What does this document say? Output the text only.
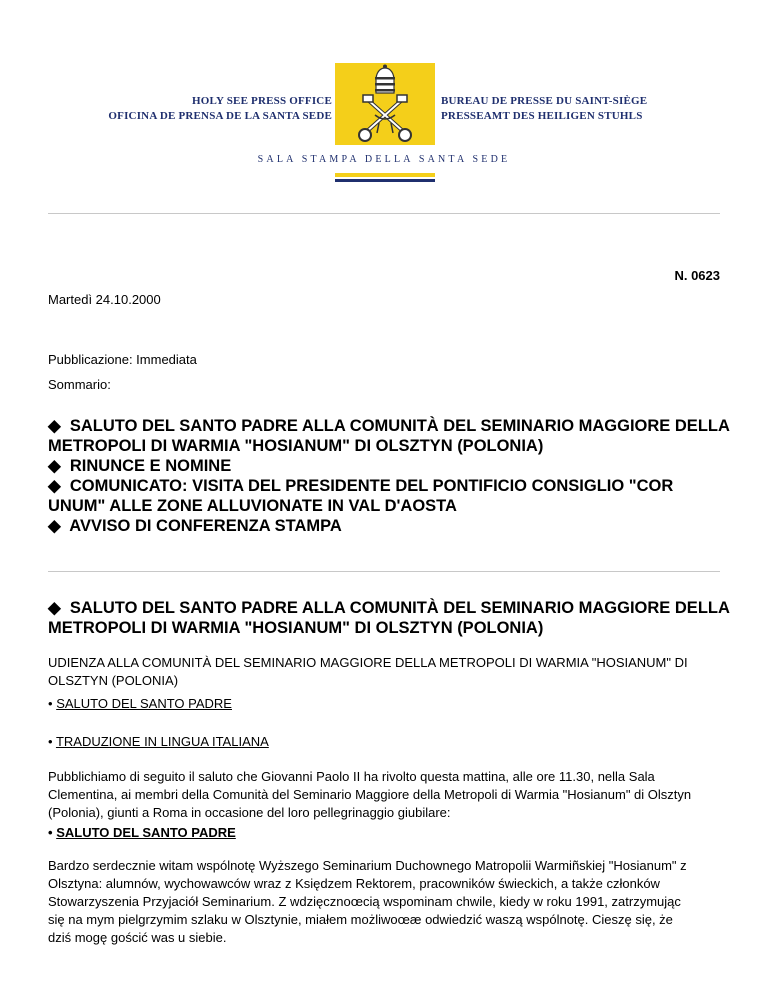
HOLY SEE PRESS OFFICE
OFICINA DE PRENSA DE LA SANTA SEDE
BUREAU DE PRESSE DU SAINT-SIÈGE
PRESSEAMT DES HEILIGEN STUHLS
SALA STAMPA DELLA SANTA SEDE
N. 0623
Martedì 24.10.2000
Pubblicazione: Immediata
Sommario:
◆ SALUTO DEL SANTO PADRE ALLA COMUNITÀ DEL SEMINARIO MAGGIORE DELLA
METROPOLI DI WARMIA "HOSIANUM" DI OLSZTYN (POLONIA)
◆ RINUNCE E NOMINE
◆ COMUNICATO: VISITA DEL PRESIDENTE DEL PONTIFICIO CONSIGLIO "COR
UNUM" ALLE ZONE ALLUVIONATE IN VAL D'AOSTA
◆ AVVISO DI CONFERENZA STAMPA
◆ SALUTO DEL SANTO PADRE ALLA COMUNITÀ DEL SEMINARIO MAGGIORE DELLA
METROPOLI DI WARMIA "HOSIANUM" DI OLSZTYN (POLONIA)
UDIENZA ALLA COMUNITÀ DEL SEMINARIO MAGGIORE DELLA METROPOLI DI WARMIA "HOSIANUM" DI
OLSZTYN (POLONIA)
• SALUTO DEL SANTO PADRE
• TRADUZIONE IN LINGUA ITALIANA
Pubblichiamo di seguito il saluto che Giovanni Paolo II ha rivolto questa mattina, alle ore 11.30, nella Sala
Clementina, ai membri della Comunità del Seminario Maggiore della Metropoli di Warmia "Hosianum" di Olsztyn
(Polonia), giunti a Roma in occasione del loro pellegrinaggio giubilare:
• SALUTO DEL SANTO PADRE
Bardzo serdecznie witam wspólnotę Wyższego Seminarium Duchownego Matropolii Warmiñskiej "Hosianum" z
Olsztyna: alumnów, wychowawców wraz z Księdzem Rektorem, pracowników świeckich, a także członków
Stowarzyszenia Przyjaciół Seminarium. Z wdzięcznoœcią wspominam chwile, kiedy w roku 1991, zatrzymując
się na mym pielgrzymim szlaku w Olsztynie, miałem możliwoœæ odwiedzić waszą wspólnotę. Cieszę się, że
dziś mogę gościć was u siebie.
